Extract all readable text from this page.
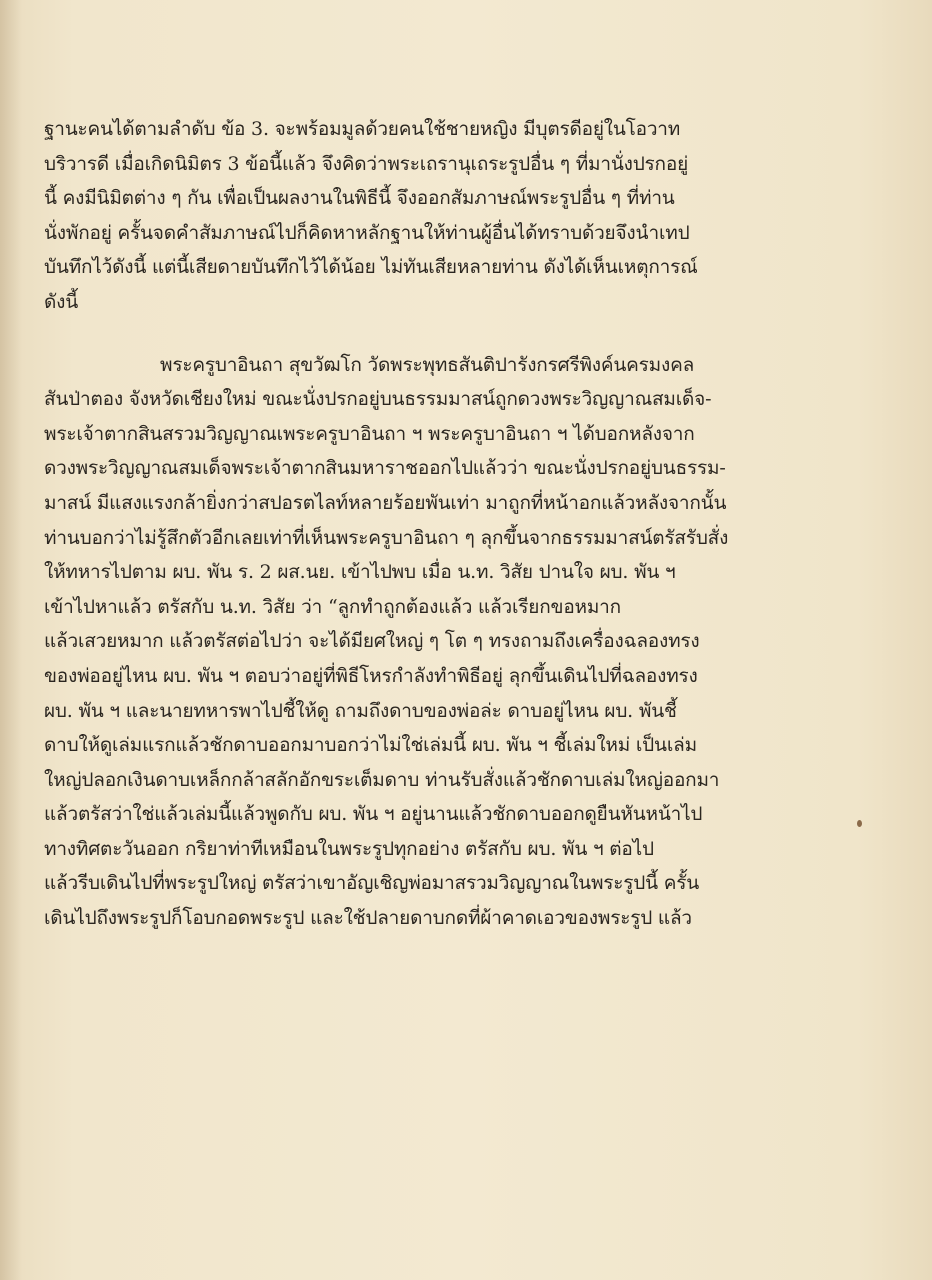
ฐานะคนได้ตามลำดับ ข้อ 3. จะพร้อมมูลด้วยคนใช้ชายหญิง มีบุตรดีอยู่ในโอวาท
บริวารดี เมื่อเกิดนิมิตร 3 ข้อนี้แล้ว จึงคิดว่าพระเถรานุเถระรูปอื่น ๆ ที่มานั่งปรกอยู่
นี้ คงมีนิมิตต่าง ๆ กัน เพื่อเป็นผลงานในพิธีนี้ จึงออกสัมภาษณ์พระรูปอื่น ๆ ที่ท่าน
นั่งพักอยู่ ครั้นจดคำสัมภาษณ์ไปก็คิดหาหลักฐานให้ท่านผู้อื่นได้ทราบด้วยจึงนำเทป
บันทึกไว้ดังนี้ แต่นี้เสียดายบันทึกไว้ได้น้อย ไม่ทันเสียหลายท่าน ดังได้เห็นเหตุการณ์
ดังนี้
พระครูบาอินถา สุขวัฒโก วัดพระพุทธสันติปารังกรศรีพิงค์นครมงคล
สันป่าตอง จังหวัดเชียงใหม่ ขณะนั่งปรกอยู่บนธรรมมาสน์ถูกดวงพระวิญญาณสมเด็จ-
พระเจ้าตากสินสรวมวิญญาณเพระครูบาอินถา ฯ พระครูบาอินถา ฯ ได้บอกหลังจาก
ดวงพระวิญญาณสมเด็จพระเจ้าตากสินมหาราชออกไปแล้วว่า ขณะนั่งปรกอยู่บนธรรม-
มาสน์ มีแสงแรงกล้ายิ่งกว่าสปอรตไลท์หลายร้อยพันเท่า มาถูกที่หน้าอกแล้วหลังจากนั้น
ท่านบอกว่าไม่รู้สึกตัวอีกเลยเท่าที่เห็นพระครูบาอินถา ๆ ลุกขึ้นจากธรรมมาสน์ตรัสรับสั่ง
ให้ทหารไปตาม ผบ. พัน ร. 2 ผส.นย. เข้าไปพบ เมื่อ น.ท. วิสัย ปานใจ ผบ. พัน ฯ
เข้าไปหาแล้ว ตรัสกับ น.ท. วิสัย ว่า “ลูกทำถูกต้องแล้ว แล้วเรียกขอหมาก
แล้วเสวยหมาก แล้วตรัสต่อไปว่า จะได้มียศใหญ่ ๆ โต ๆ ทรงถามถึงเครื่องฉลองทรง
ของพ่ออยู่ไหน ผบ. พัน ฯ ตอบว่าอยู่ที่พิธีโหรกำลังทำพิธีอยู่ ลุกขึ้นเดินไปที่ฉลองทรง
ผบ. พัน ฯ และนายทหารพาไปชี้ให้ดู ถามถึงดาบของพ่อล่ะ ดาบอยู่ไหน ผบ. พันชี้
ดาบให้ดูเล่มแรกแล้วชักดาบออกมาบอกว่าไม่ใช่เล่มนี้ ผบ. พัน ฯ ชี้เล่มใหม่ เป็นเล่ม
ใหญ่ปลอกเงินดาบเหล็กกล้าสลักอักขระเต็มดาบ ท่านรับสั่งแล้วชักดาบเล่มใหญ่ออกมา
แล้วตรัสว่าใช่แล้วเล่มนี้แล้วพูดกับ ผบ. พัน ฯ อยู่นานแล้วชักดาบออกดูยืนหันหน้าไป
ทางทิศตะวันออก กริยาท่าทีเหมือนในพระรูปทุกอย่าง ตรัสกับ ผบ. พัน ฯ ต่อไป
แล้วรีบเดินไปที่พระรูปใหญ่ ตรัสว่าเขาอัญเชิญพ่อมาสรวมวิญญาณในพระรูปนี้ ครั้น
เดินไปถึงพระรูปก็โอบกอดพระรูป และใช้ปลายดาบกดที่ผ้าคาดเอวของพระรูป แล้ว
